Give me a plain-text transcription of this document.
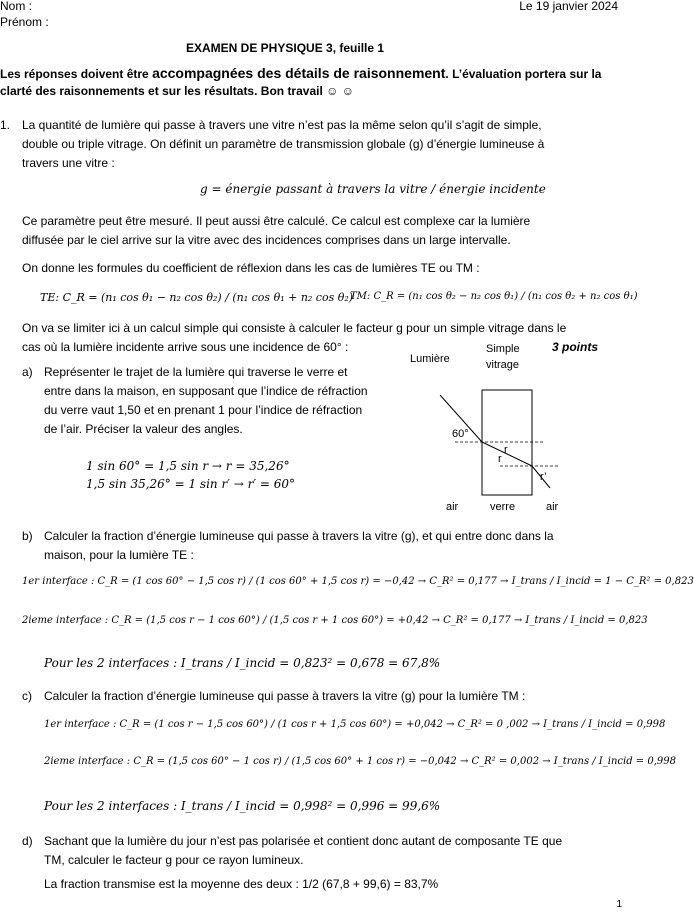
Nom :
Prénom :
Le 19 janvier 2024
EXAMEN DE PHYSIQUE 3, feuille 1
Les réponses doivent être accompagnées des détails de raisonnement. L’évaluation portera sur la
clarté des raisonnements et sur les résultats. Bon travail ☺ ☺
1. La quantité de lumière qui passe à travers une vitre n’est pas la même selon qu’il s’agit de simple,
double ou triple vitrage. On définit un paramètre de transmission globale (g) d’énergie lumineuse à
travers une vitre :
g = énergie passant à travers la vitre / énergie incidente
Ce paramètre peut être mesuré. Il peut aussi être calculé. Ce calcul est complexe car la lumière
diffusée par le ciel arrive sur la vitre avec des incidences comprises dans un large intervalle.
On donne les formules du coefficient de réflexion dans les cas de lumières TE ou TM :
TE: C_R = (n₁ cos θ₁ − n₂ cos θ₂) / (n₁ cos θ₁ + n₂ cos θ₂)
TM: C_R = (n₁ cos θ₂ − n₂ cos θ₁) / (n₁ cos θ₂ + n₂ cos θ₁)
On va se limiter ici à un calcul simple qui consiste à calculer le facteur g pour un simple vitrage dans le
cas où la lumière incidente arrive sous une incidence de 60° :	3 points
a) Représenter le trajet de la lumière qui traverse le verre et
entre dans la maison, en supposant que l’indice de réfraction
du verre vaut 1,50 et en prenant 1 pour l’indice de réfraction
de l’air. Préciser la valeur des angles.
1 sin 60° = 1,5 sin r → r = 35,26°
1,5 sin 35,26° = 1 sin r′ → r′ = 60°
Lumière
Simple
vitrage
60°
r
r
r’
air	verre	air
b) Calculer la fraction d’énergie lumineuse qui passe à travers la vitre (g), et qui entre donc dans la
maison, pour la lumière TE :
1er interface : C_R = (1 cos 60° − 1,5 cos r) / (1 cos 60° + 1,5 cos r) = −0,42 → C_R² = 0,177 → I_trans / I_incid = 1 − C_R² = 0,823
2ieme interface : C_R = (1,5 cos r − 1 cos 60°) / (1,5 cos r + 1 cos 60°) = +0,42 → C_R² = 0,177 → I_trans / I_incid = 0,823
Pour les 2 interfaces : I_trans / I_incid = 0,823² = 0,678 = 67,8%
c) Calculer la fraction d’énergie lumineuse qui passe à travers la vitre (g) pour la lumière TM :
1er interface : C_R = (1 cos r − 1,5 cos 60°) / (1 cos r + 1,5 cos 60°) = +0,042 → C_R² = 0 ,002 → I_trans / I_incid = 0,998
2ieme interface : C_R = (1,5 cos 60° − 1 cos r) / (1,5 cos 60° + 1 cos r) = −0,042 → C_R² = 0,002 → I_trans / I_incid = 0,998
Pour les 2 interfaces : I_trans / I_incid = 0,998² = 0,996 = 99,6%
d) Sachant que la lumière du jour n’est pas polarisée et contient donc autant de composante TE que
TM, calculer le facteur g pour ce rayon lumineux.
La fraction transmise est la moyenne des deux : 1/2 (67,8 + 99,6) = 83,7%
1
